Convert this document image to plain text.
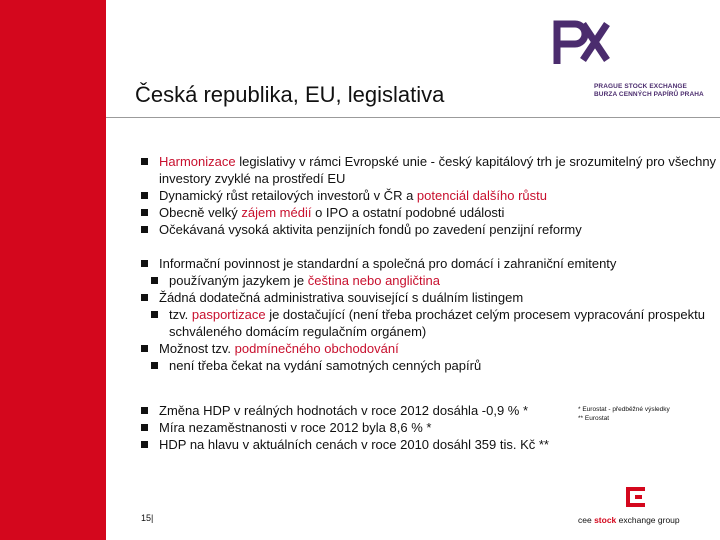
PRAGUE STOCK EXCHANGE
BURZA CENNÝCH PAPÍRŮ PRAHA
Česká republika, EU, legislativa
Harmonizace legislativy v rámci Evropské unie - český kapitálový trh je srozumitelný pro všechny investory zvyklé na prostředí EU
Dynamický růst retailových investorů v ČR a potenciál dalšího růstu
Obecně velký zájem médií o IPO a ostatní podobné události
Očekávaná vysoká aktivita penzijních fondů po zavedení penzijní reformy
Informační povinnost je standardní a společná pro domácí i zahraniční emitenty
používaným jazykem je čeština nebo angličtina
Žádná dodatečná administrativa související s duálním listingem
tzv. pasportizace je dostačující (není třeba procházet celým procesem vypracování prospektu schváleného domácím regulačním orgánem)
Možnost tzv. podmínečného obchodování
není třeba čekat na vydání samotných cenných papírů
Změna HDP v reálných hodnotách v roce 2012 dosáhla -0,9 % *
Míra nezaměstnanosti v roce 2012 byla 8,6 % *
HDP na hlavu v aktuálních cenách v roce 2010 dosáhl 359 tis. Kč **
* Eurostat - předběžné výsledky
** Eurostat
15|	cee stock exchange group
